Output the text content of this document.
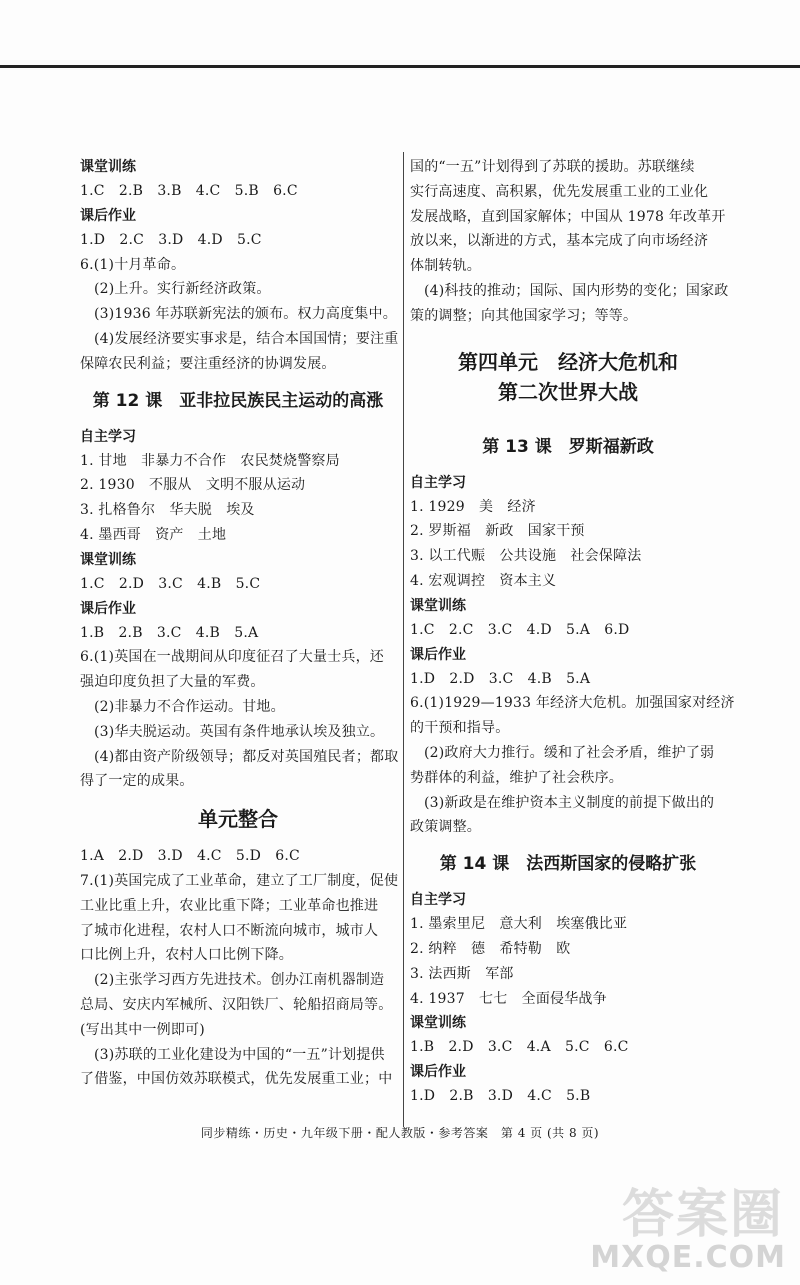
课堂训练
1.C　2.B　3.B　4.C　5.B　6.C
课后作业
1.D　2.C　3.D　4.D　5.C
6.(1)十月革命。
(2)上升。实行新经济政策。
(3)1936 年苏联新宪法的颁布。权力高度集中。
(4)发展经济要实事求是，结合本国国情；要注重
保障农民利益；要注重经济的协调发展。
第 12 课　亚非拉民族民主运动的高涨
自主学习
1. 甘地　非暴力不合作　农民焚烧警察局
2. 1930　不服从　文明不服从运动
3. 扎格鲁尔　华夫脱　埃及
4. 墨西哥　资产　土地
课堂训练
1.C　2.D　3.C　4.B　5.C
课后作业
1.B　2.B　3.C　4.B　5.A
6.(1)英国在一战期间从印度征召了大量士兵，还
强迫印度负担了大量的军费。
(2)非暴力不合作运动。甘地。
(3)华夫脱运动。英国有条件地承认埃及独立。
(4)都由资产阶级领导；都反对英国殖民者；都取
得了一定的成果。
单元整合
1.A　2.D　3.D　4.C　5.D　6.C
7.(1)英国完成了工业革命，建立了工厂制度，促使
工业比重上升，农业比重下降；工业革命也推进
了城市化进程，农村人口不断流向城市，城市人
口比例上升，农村人口比例下降。
(2)主张学习西方先进技术。创办江南机器制造
总局、安庆内军械所、汉阳铁厂、轮船招商局等。
(写出其中一例即可)
(3)苏联的工业化建设为中国的“一五”计划提供
了借鉴，中国仿效苏联模式，优先发展重工业；中
国的“一五”计划得到了苏联的援助。苏联继续
实行高速度、高积累，优先发展重工业的工业化
发展战略，直到国家解体；中国从 1978 年改革开
放以来，以渐进的方式，基本完成了向市场经济
体制转轨。
(4)科技的推动；国际、国内形势的变化；国家政
策的调整；向其他国家学习；等等。
第四单元　经济大危机和
第二次世界大战
第 13 课　罗斯福新政
自主学习
1. 1929　美　经济
2. 罗斯福　新政　国家干预
3. 以工代赈　公共设施　社会保障法
4. 宏观调控　资本主义
课堂训练
1.C　2.C　3.C　4.D　5.A　6.D
课后作业
1.D　2.D　3.C　4.B　5.A
6.(1)1929—1933 年经济大危机。加强国家对经济
的干预和指导。
(2)政府大力推行。缓和了社会矛盾，维护了弱
势群体的利益，维护了社会秩序。
(3)新政是在维护资本主义制度的前提下做出的
政策调整。
第 14 课　法西斯国家的侵略扩张
自主学习
1. 墨索里尼　意大利　埃塞俄比亚
2. 纳粹　德　希特勒　欧
3. 法西斯　军部
4. 1937　七七　全面侵华战争
课堂训练
1.B　2.D　3.C　4.A　5.C　6.C
课后作业
1.D　2.B　3.D　4.C　5.B
同步精练・历史・九年级下册・配人教版・参考答案　第 4 页 (共 8 页)
答案圈
MXQE.COM
